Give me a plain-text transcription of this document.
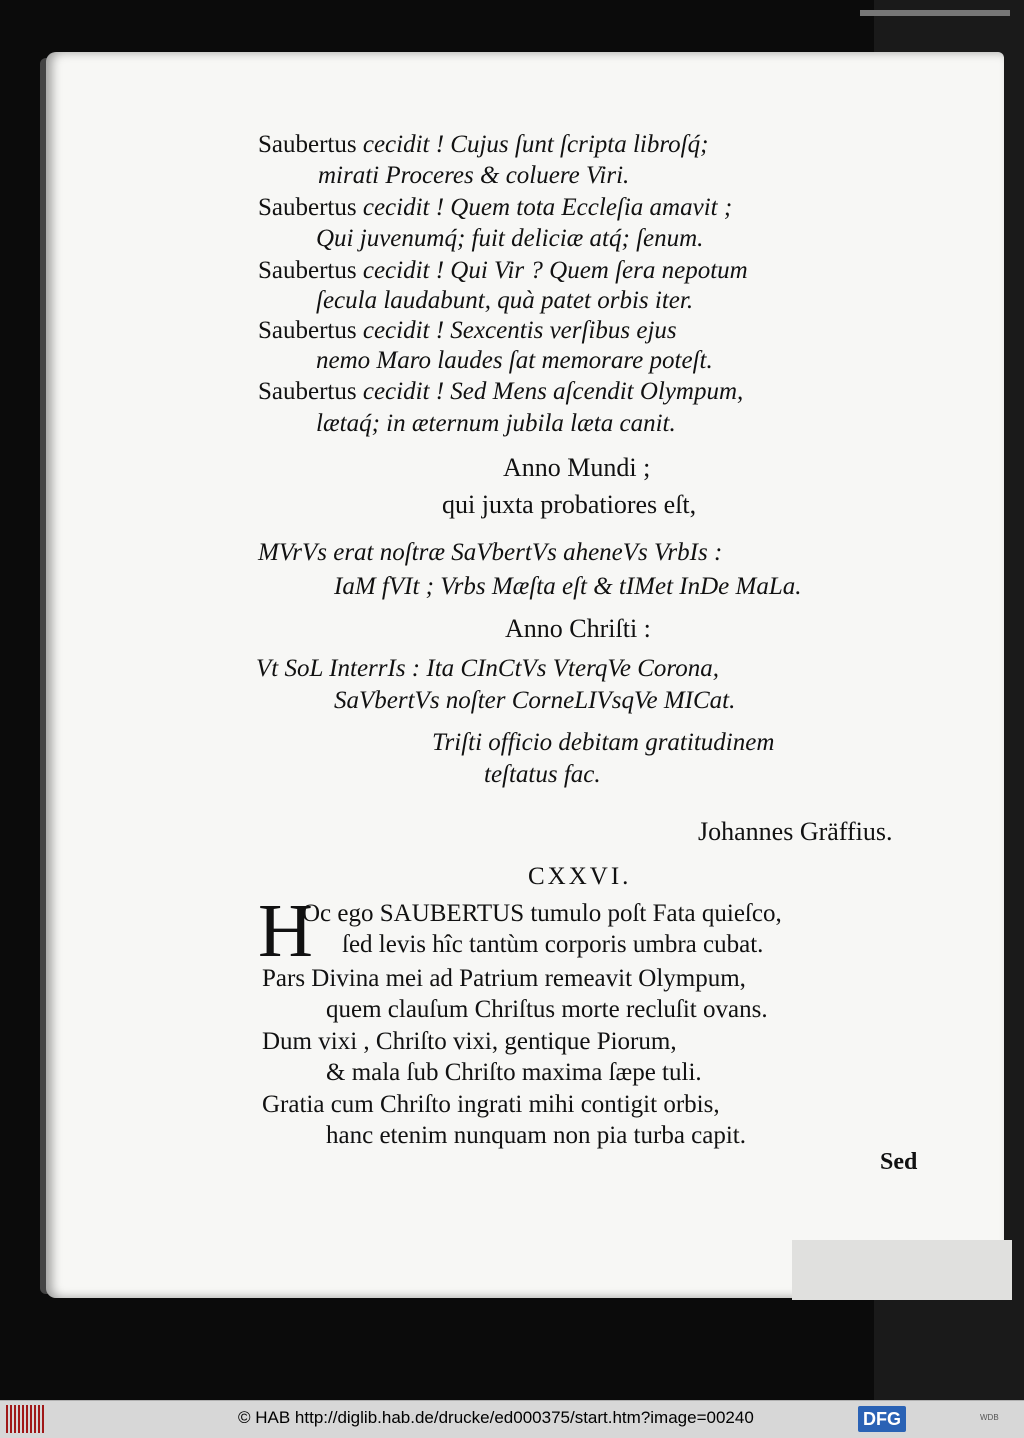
Saubertus cecidit ! Cujus ſunt ſcripta libroſq́;
mirati Proceres & coluere Viri.
Saubertus cecidit ! Quem tota Eccleſia amavit ;
Qui juvenumq́; fuit deliciæ atq́; ſenum.
Saubertus cecidit ! Qui Vir ? Quem ſera nepotum
ſecula laudabunt, quà patet orbis iter.
Saubertus cecidit ! Sexcentis verſibus ejus
nemo Maro laudes ſat memorare poteſt.
Saubertus cecidit ! Sed Mens aſcendit Olympum,
lætaq́; in æternum jubila læta canit.
Anno Mundi ;
qui juxta probatiores eſt,
MVrVs erat noſtræ SaVbertVs aheneVs VrbIs :
IaM fVIt ; Vrbs Mæſta eſt & tIMet InDe MaLa.
Anno Chriſti :
Vt SoL InterrIs : Ita CInCtVs VterqVe Corona,
SaVbertVs noſter CorneLIVsqVe MICat.
Triſti officio debitam gratitudinem
teſtatus fac.
Johannes Gräffius.
CXXVI.
H
Oc ego SAUBERTUS tumulo poſt Fata quieſco,
ſed levis hîc tantùm corporis umbra cubat.
Pars Divina mei ad Patrium remeavit Olympum,
quem clauſum Chriſtus morte recluſit ovans.
Dum vixi , Chriſto vixi, gentique Piorum,
& mala ſub Chriſto maxima ſæpe tuli.
Gratia cum Chriſto ingrati mihi contigit orbis,
hanc etenim nunquam non pia turba capit.
Sed
© HAB http://diglib.hab.de/drucke/ed000375/start.htm?image=00240	DFG	WDB
